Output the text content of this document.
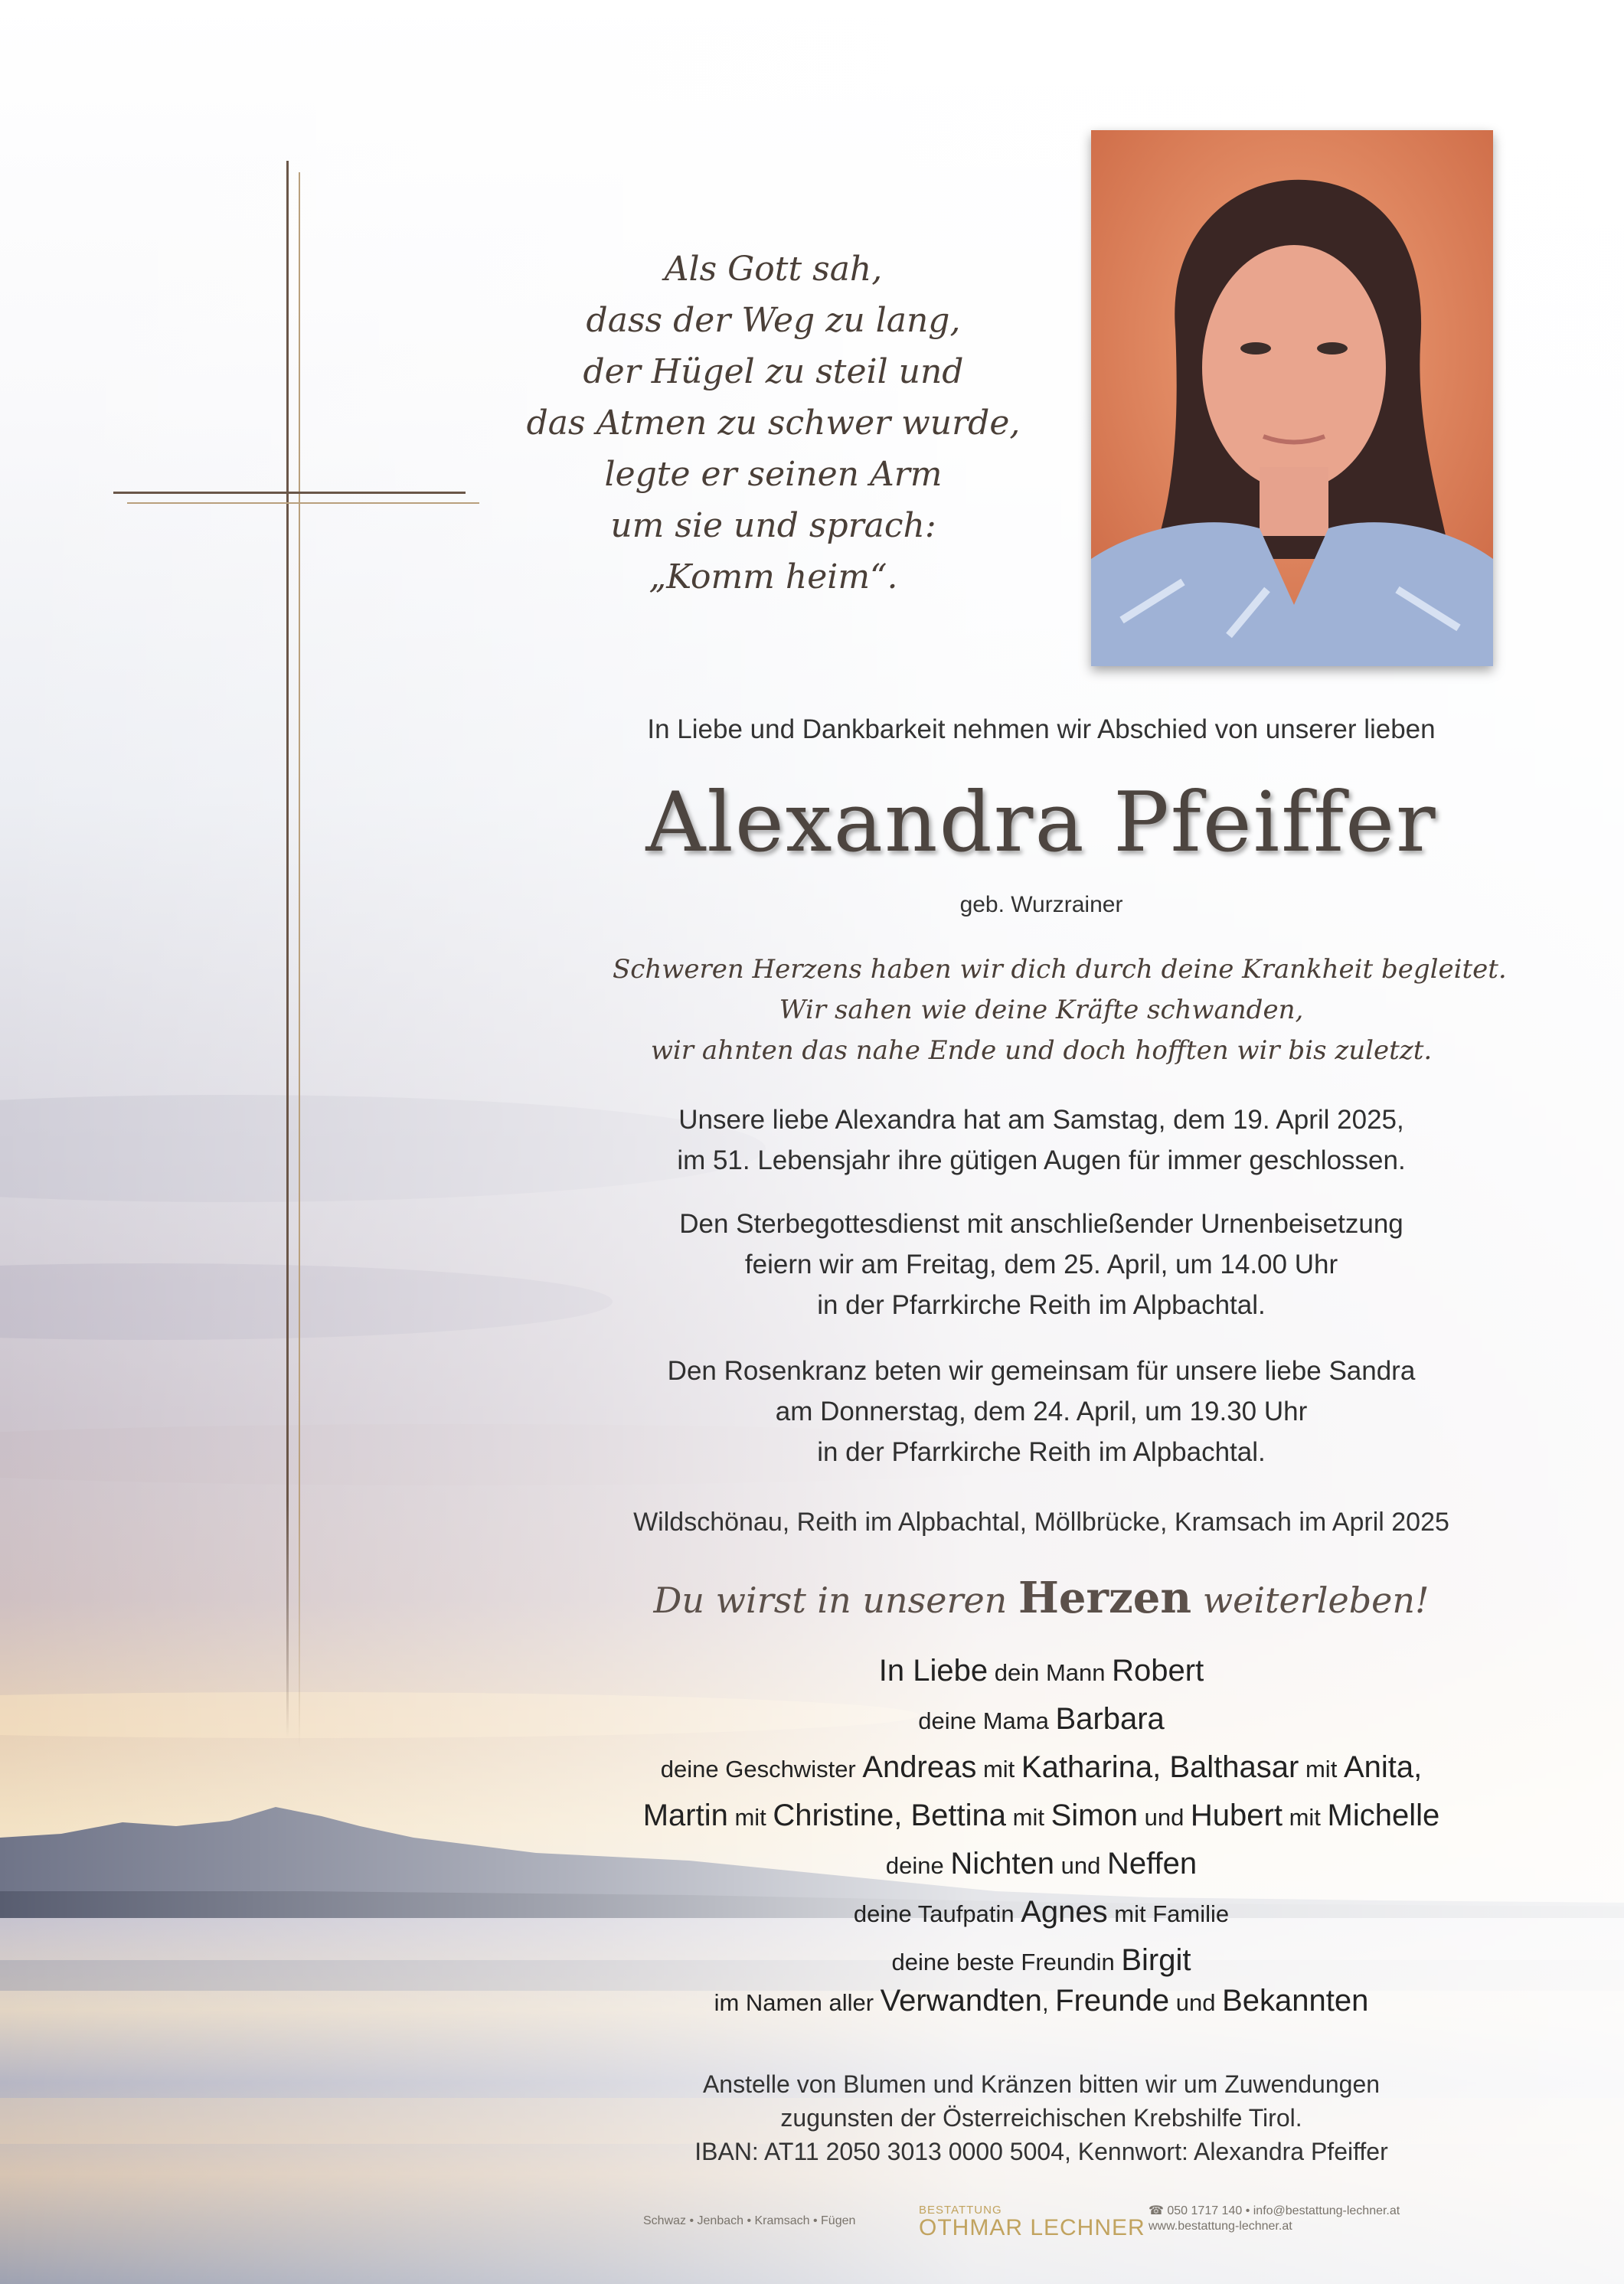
Als Gott sah,
dass der Weg zu lang,
der Hügel zu steil und
das Atmen zu schwer wurde,
legte er seinen Arm
um sie und sprach:
„Komm heim“.
In Liebe und Dankbarkeit nehmen wir Abschied von unserer lieben
Alexandra Pfeiffer
geb. Wurzrainer
Schweren Herzens haben wir dich durch deine Krankheit begleitet.
Wir sahen wie deine Kräfte schwanden,
wir ahnten das nahe Ende und doch hofften wir bis zuletzt.
Unsere liebe Alexandra hat am Samstag, dem 19. April 2025,
im 51. Lebensjahr ihre gütigen Augen für immer geschlossen.
Den Sterbegottesdienst mit anschließender Urnenbeisetzung
feiern wir am Freitag, dem 25. April, um 14.00 Uhr
in der Pfarrkirche Reith im Alpbachtal.
Den Rosenkranz beten wir gemeinsam für unsere liebe Sandra
am Donnerstag, dem 24. April, um 19.30 Uhr
in der Pfarrkirche Reith im Alpbachtal.
Wildschönau, Reith im Alpbachtal, Möllbrücke, Kramsach im April 2025
Du wirst in unseren Herzen weiterleben!
In Liebe dein Mann Robert
deine Mama Barbara
deine Geschwister Andreas mit Katharina, Balthasar mit Anita,
Martin mit Christine, Bettina mit Simon und Hubert mit Michelle
deine Nichten und Neffen
deine Taufpatin Agnes mit Familie
deine beste Freundin Birgit
im Namen aller Verwandten, Freunde und Bekannten
Anstelle von Blumen und Kränzen bitten wir um Zuwendungen
zugunsten der Österreichischen Krebshilfe Tirol.
IBAN: AT11 2050 3013 0000 5004, Kennwort: Alexandra Pfeiffer
Schwaz • Jenbach • Kramsach • Fügen
BESTATTUNG
OTHMAR LECHNER
☎ 050 1717 140 • info@bestattung-lechner.at
www.bestattung-lechner.at
